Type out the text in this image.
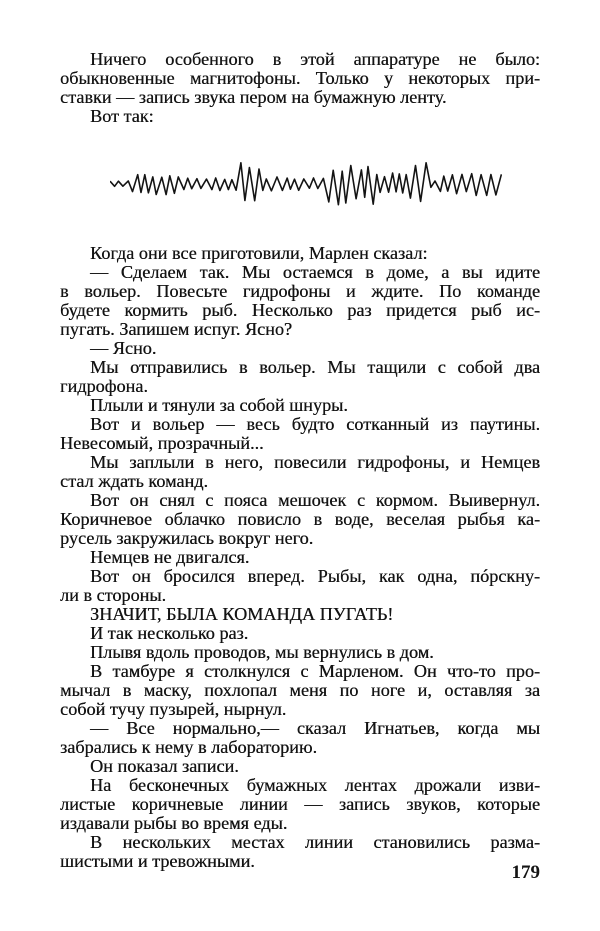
Ничего особенного в этой аппаратуре не было:
обыкновенные магнитофоны. Только у некоторых при-
ставки — запись звука пером на бумажную ленту.
Вот так:
Когда они все приготовили, Марлен сказал:
— Сделаем так. Мы остаемся в доме, а вы идите
в вольер. Повесьте гидрофоны и ждите. По команде
будете кормить рыб. Несколько раз придется рыб ис-
пугать. Запишем испуг. Ясно?
— Ясно.
Мы отправились в вольер. Мы тащили с собой два
гидрофона.
Плыли и тянули за собой шнуры.
Вот и вольер — весь будто сотканный из паутины.
Невесомый, прозрачный...
Мы заплыли в него, повесили гидрофоны, и Немцев
стал ждать команд.
Вот он снял с пояса мешочек с кормом. Выивернул.
Коричневое облачко повисло в воде, веселая рыбья ка-
русель закружилась вокруг него.
Немцев не двигался.
Вот он бросился вперед. Рыбы, как одна, пóрскну-
ли в стороны.
ЗНАЧИТ, БЫЛА КОМАНДА ПУГАТЬ!
И так несколько раз.
Плывя вдоль проводов, мы вернулись в дом.
В тамбуре я столкнулся с Марленом. Он что-то про-
мычал в маску, похлопал меня по ноге и, оставляя за
собой тучу пузырей, нырнул.
— Все нормально,— сказал Игнатьев, когда мы
забрались к нему в лабораторию.
Он показал записи.
На бесконечных бумажных лентах дрожали изви-
листые коричневые линии — запись звуков, которые
издавали рыбы во время еды.
В нескольких местах линии становились разма-
шистыми и тревожными.
179
